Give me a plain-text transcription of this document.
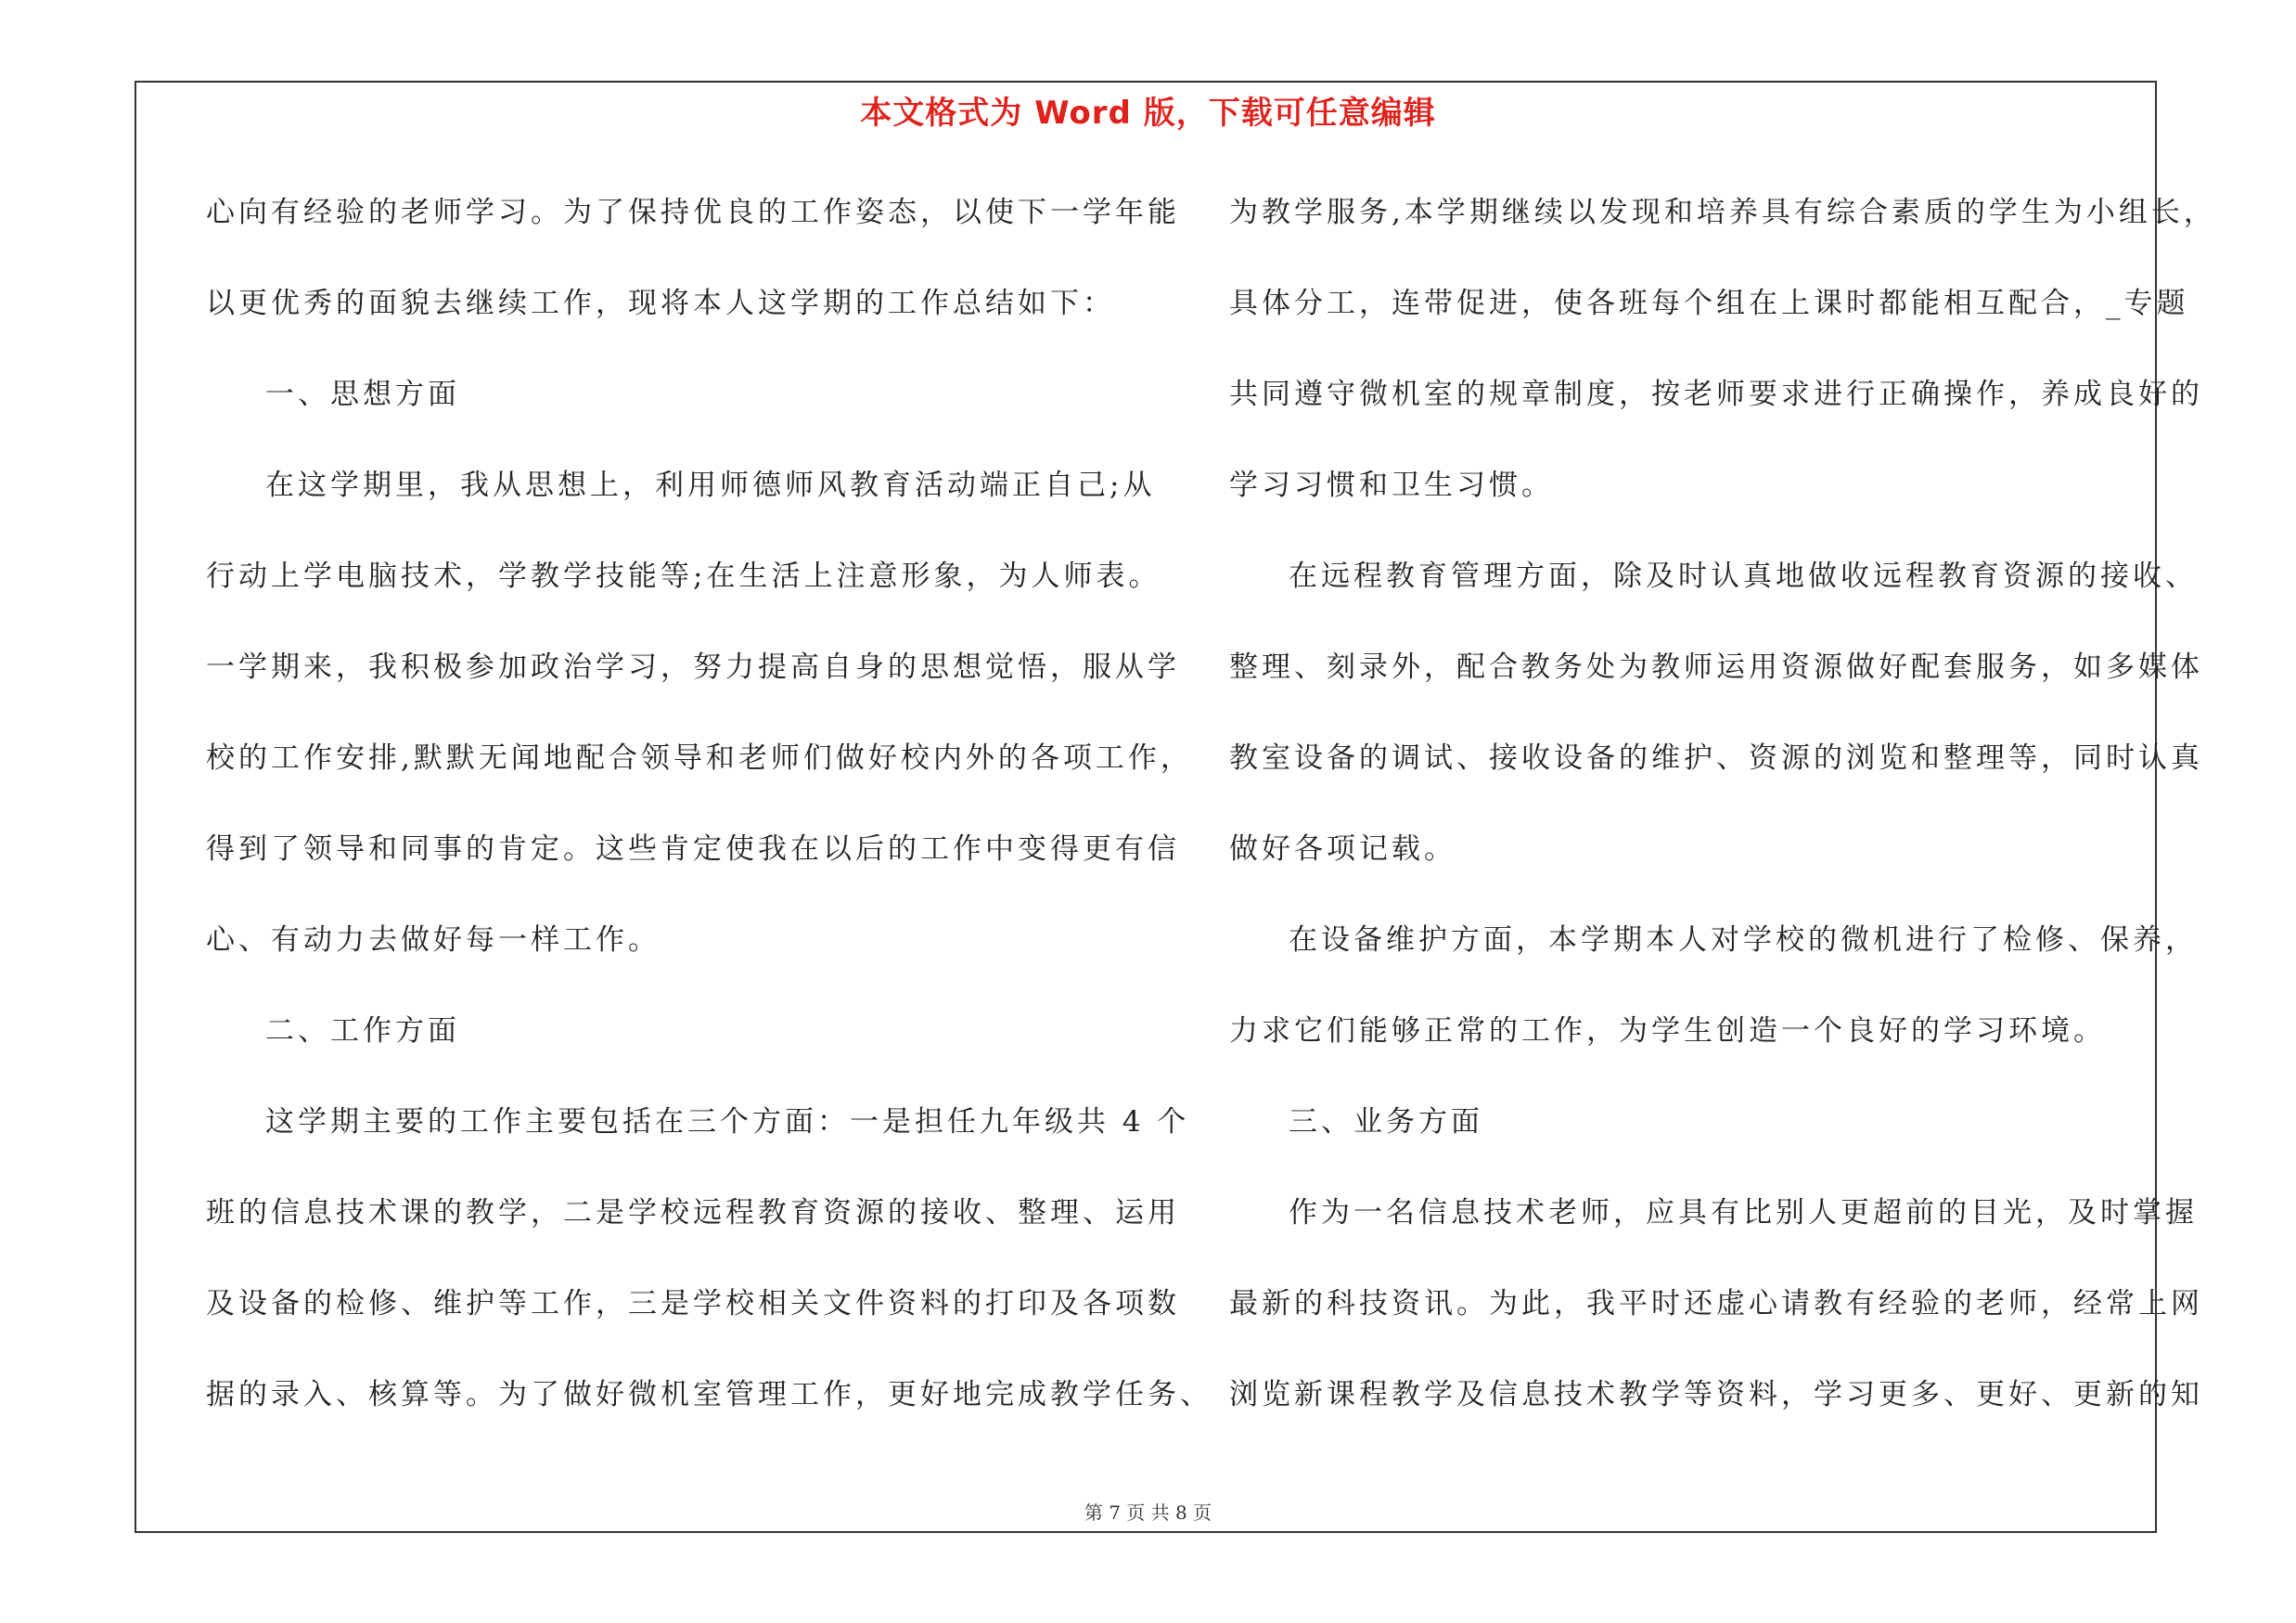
本文格式为 Word 版，下载可任意编辑
心向有经验的老师学习。为了保持优良的工作姿态，以使下一学年能
以更优秀的面貌去继续工作，现将本人这学期的工作总结如下：
一、思想方面
在这学期里，我从思想上，利用师德师风教育活动端正自己;从
行动上学电脑技术，学教学技能等;在生活上注意形象，为人师表。
一学期来，我积极参加政治学习，努力提高自身的思想觉悟，服从学
校的工作安排,默默无闻地配合领导和老师们做好校内外的各项工作，
得到了领导和同事的肯定。这些肯定使我在以后的工作中变得更有信
心、有动力去做好每一样工作。
二、工作方面
这学期主要的工作主要包括在三个方面：一是担任九年级共 4 个
班的信息技术课的教学，二是学校远程教育资源的接收、整理、运用
及设备的检修、维护等工作，三是学校相关文件资料的打印及各项数
据的录入、核算等。为了做好微机室管理工作，更好地完成教学任务、
为教学服务,本学期继续以发现和培养具有综合素质的学生为小组长，
具体分工，连带促进，使各班每个组在上课时都能相互配合，_专题
共同遵守微机室的规章制度，按老师要求进行正确操作，养成良好的
学习习惯和卫生习惯。
在远程教育管理方面，除及时认真地做收远程教育资源的接收、
整理、刻录外，配合教务处为教师运用资源做好配套服务，如多媒体
教室设备的调试、接收设备的维护、资源的浏览和整理等，同时认真
做好各项记载。
在设备维护方面，本学期本人对学校的微机进行了检修、保养，
力求它们能够正常的工作，为学生创造一个良好的学习环境。
三、业务方面
作为一名信息技术老师，应具有比别人更超前的目光，及时掌握
最新的科技资讯。为此，我平时还虚心请教有经验的老师，经常上网
浏览新课程教学及信息技术教学等资料，学习更多、更好、更新的知
第 7 页 共 8 页
